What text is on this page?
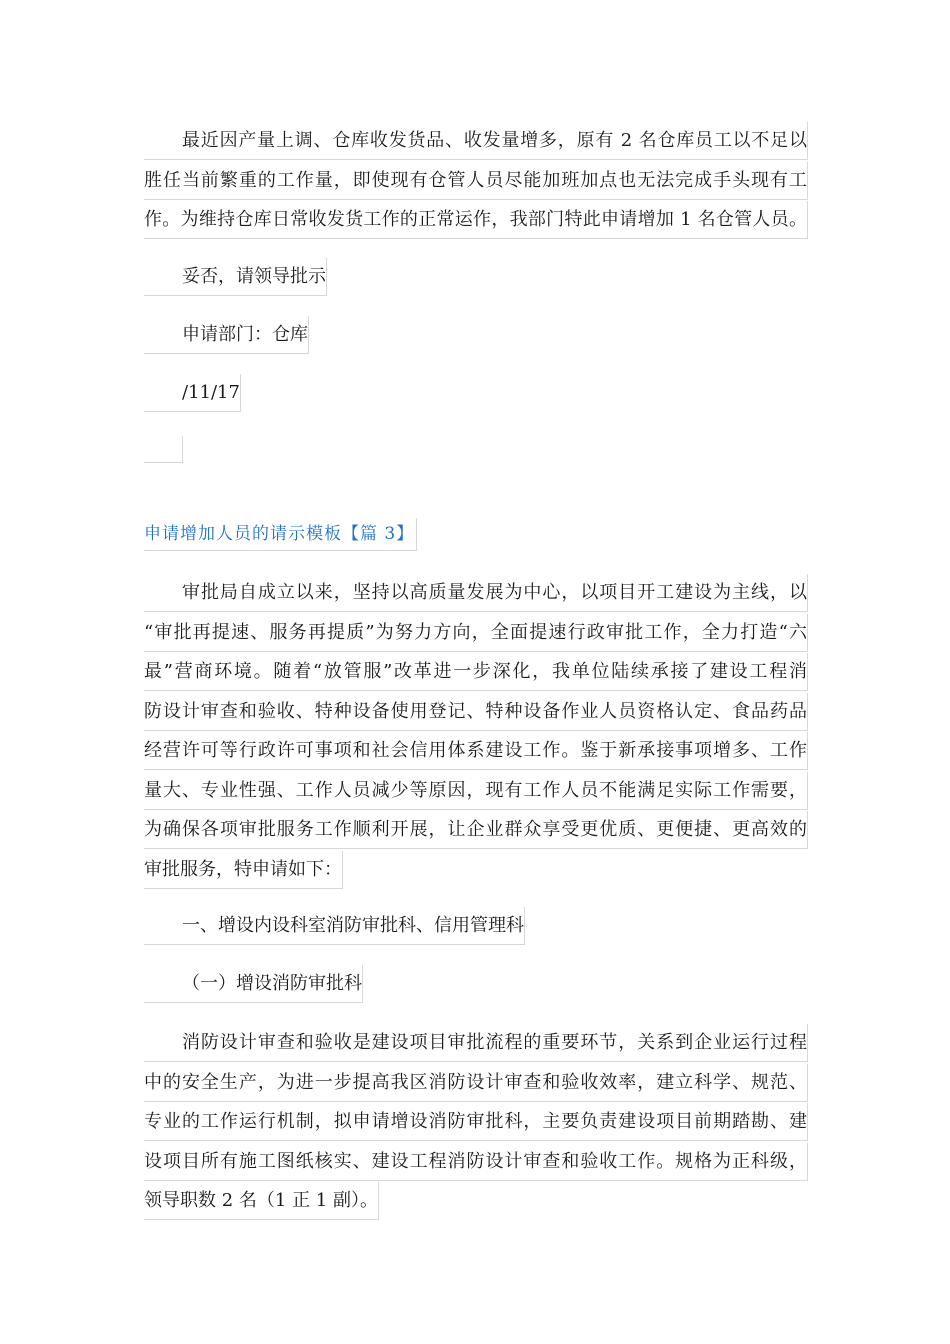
最近因产量上调、仓库收发货品、收发量增多，原有 2 名仓库员工以不足以
胜任当前繁重的工作量，即使现有仓管人员尽能加班加点也无法完成手头现有工
作。为维持仓库日常收发货工作的正常运作，我部门特此申请增加 1 名仓管人员。
妥否，请领导批示
申请部门：仓库
/11/17
申请增加人员的请示模板【篇 3】
审批局自成立以来，坚持以高质量发展为中心，以项目开工建设为主线，以
“审批再提速、服务再提质”为努力方向，全面提速行政审批工作，全力打造“六
最”营商环境。随着“放管服”改革进一步深化，我单位陆续承接了建设工程消
防设计审查和验收、特种设备使用登记、特种设备作业人员资格认定、食品药品
经营许可等行政许可事项和社会信用体系建设工作。鉴于新承接事项增多、工作
量大、专业性强、工作人员减少等原因，现有工作人员不能满足实际工作需要，
为确保各项审批服务工作顺利开展，让企业群众享受更优质、更便捷、更高效的
审批服务，特申请如下：
一、增设内设科室消防审批科、信用管理科
（一）增设消防审批科
消防设计审查和验收是建设项目审批流程的重要环节，关系到企业运行过程
中的安全生产，为进一步提高我区消防设计审查和验收效率，建立科学、规范、
专业的工作运行机制，拟申请增设消防审批科，主要负责建设项目前期踏勘、建
设项目所有施工图纸核实、建设工程消防设计审查和验收工作。规格为正科级，
领导职数 2 名（1 正 1 副）。
